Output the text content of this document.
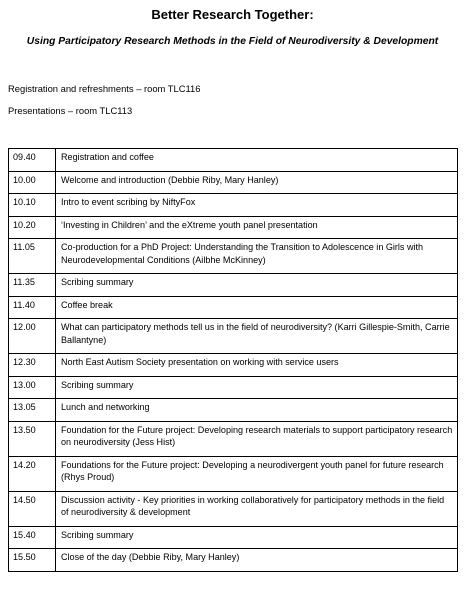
Better Research Together:
Using Participatory Research Methods in the Field of Neurodiversity & Development
Registration and refreshments – room TLC116
Presentations – room TLC113
09.40	Registration and coffee
10.00	Welcome and introduction (Debbie Riby, Mary Hanley)
10.10	Intro to event scribing by NiftyFox
10.20	‘Investing in Children’ and the eXtreme youth panel presentation
11.05	Co-production for a PhD Project: Understanding the Transition to Adolescence in Girls with Neurodevelopmental Conditions (Ailbhe McKinney)
11.35	Scribing summary
11.40	Coffee break
12.00	What can participatory methods tell us in the field of neurodiversity? (Karri Gillespie-Smith, Carrie Ballantyne)
12.30	North East Autism Society presentation on working with service users
13.00	Scribing summary
13.05	Lunch and networking
13.50	Foundation for the Future project: Developing research materials to support participatory research on neurodiversity (Jess Hist)
14.20	Foundations for the Future project: Developing a neurodivergent youth panel for future research (Rhys Proud)
14.50	Discussion activity - Key priorities in working collaboratively for participatory methods in the field of neurodiversity & development
15.40	Scribing summary
15.50	Close of the day (Debbie Riby, Mary Hanley)
